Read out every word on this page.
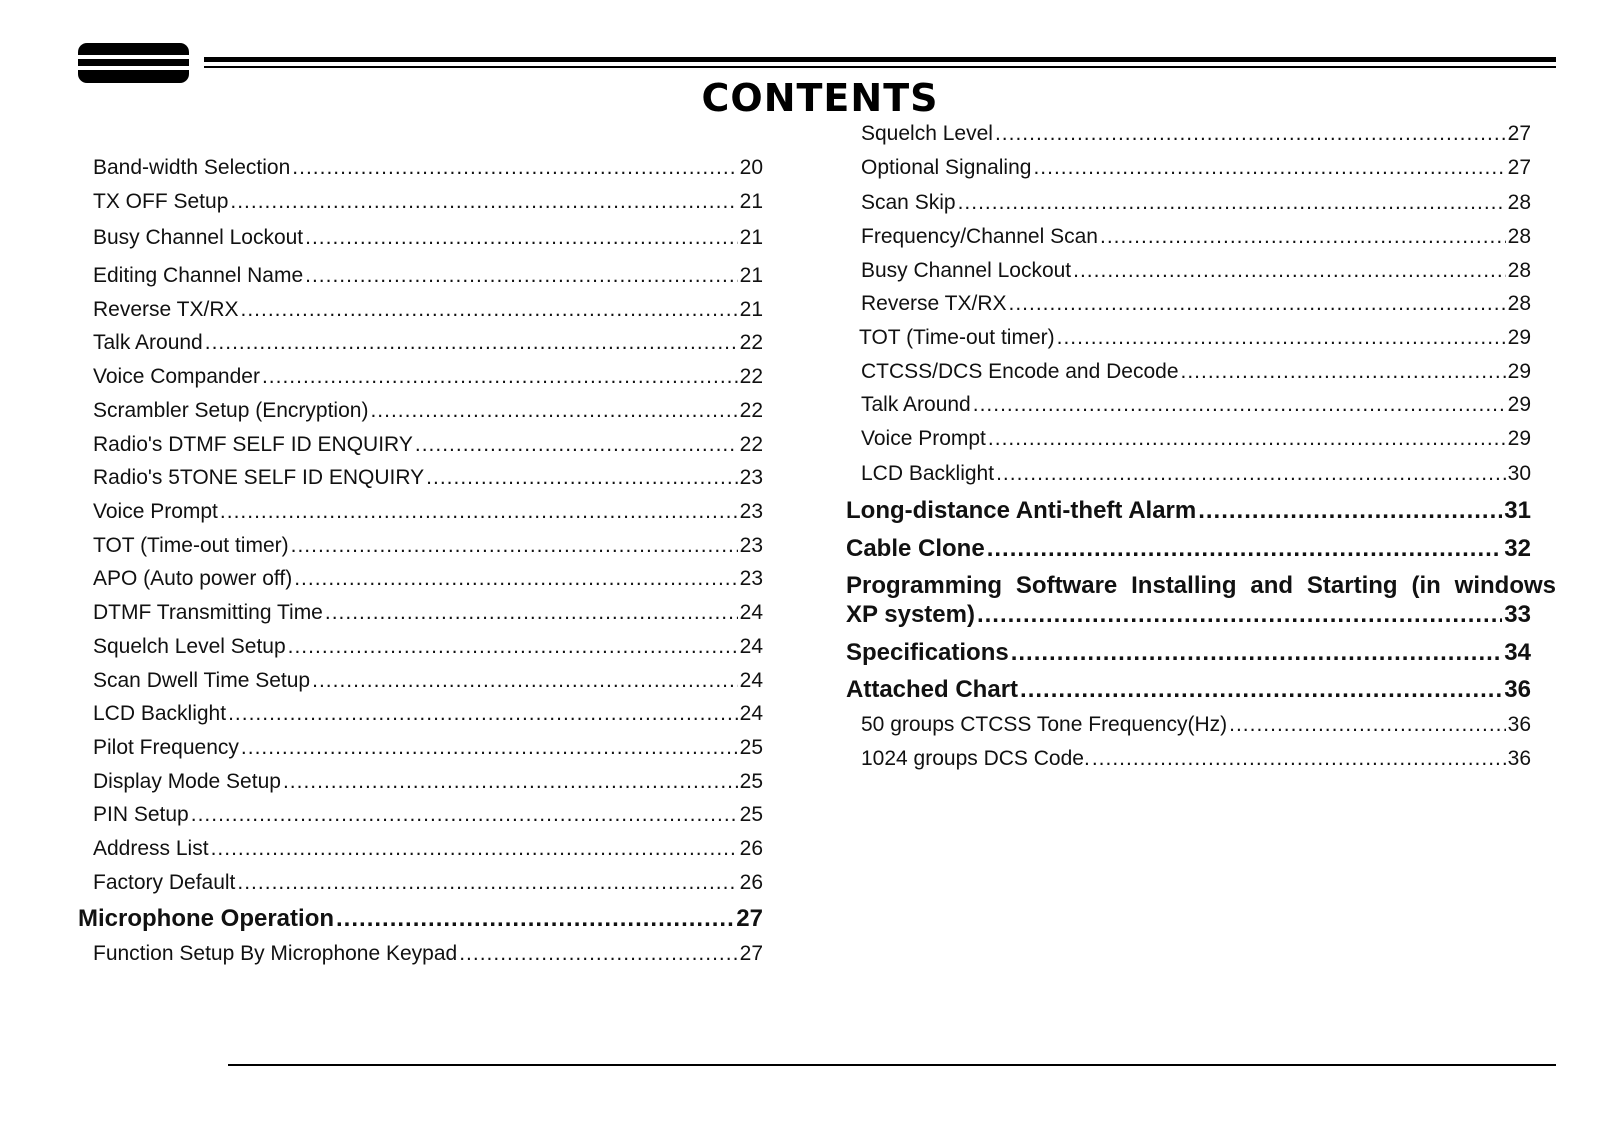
CONTENTS
Band-width Selection .....	20
TX OFF Setup .....	21
Busy Channel Lockout .....	21
Editing Channel Name .....	21
Reverse TX/RX .....	21
Talk Around .....	22
Voice Compander .....	22
Scrambler Setup (Encryption) .....	22
Radio's DTMF SELF ID ENQUIRY .....	22
Radio's 5TONE SELF ID ENQUIRY .....	23
Voice Prompt .....	23
TOT (Time-out timer) .....	23
APO (Auto power off) .....	23
DTMF Transmitting Time .....	24
Squelch Level Setup .....	24
Scan Dwell Time Setup .....	24
LCD Backlight .....	24
Pilot Frequency .....	25
Display Mode Setup .....	25
PIN Setup .....	25
Address List .....	26
Factory Default .....	26
Microphone Operation .....	27
Function Setup By Microphone Keypad .....	27
Squelch Level .....	27
Optional Signaling .....	27
Scan Skip .....	28
Frequency/Channel Scan .....	28
Busy Channel Lockout .....	28
Reverse TX/RX .....	28
TOT (Time-out timer) .....	29
CTCSS/DCS Encode and Decode .....	29
Talk Around .....	29
Voice Prompt .....	29
LCD Backlight .....	30
Long-distance Anti-theft Alarm .....	31
Cable Clone .....	32
Programming Software Installing and Starting (in windows
XP system) .....	33
Specifications .....	34
Attached Chart .....	36
50 groups CTCSS Tone Frequency(Hz) .....	36
1024 groups DCS Code. .....	36
